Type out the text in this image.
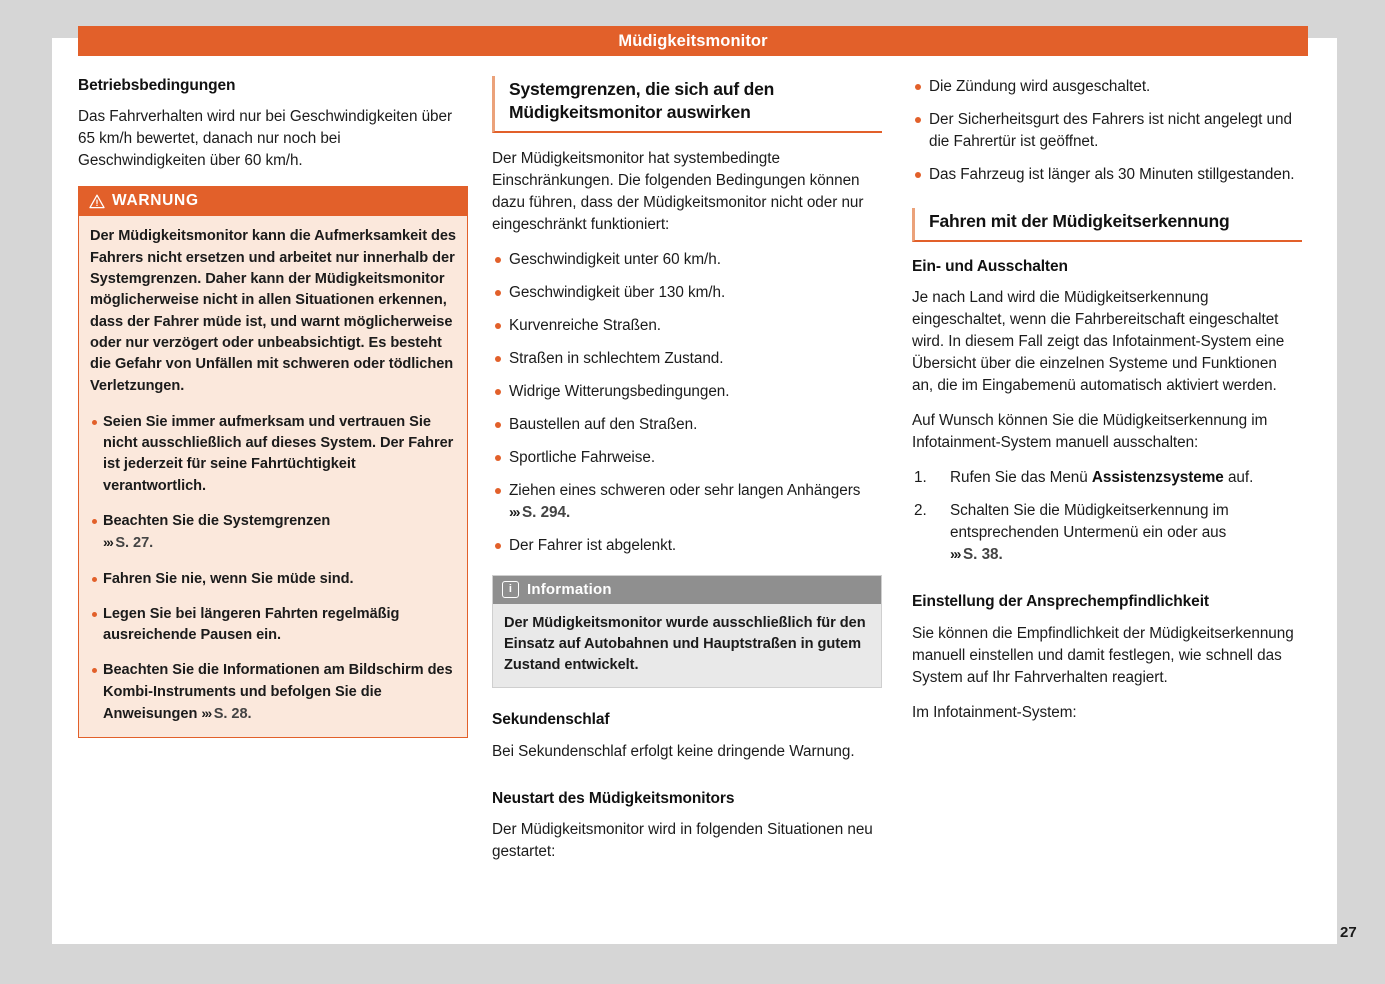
Betriebsbedingungen

Das Fahrverhalten wird nur bei Geschwindigkeiten über 65 km/h bewertet, danach nur noch bei Geschwindigkeiten über 60 km/h.

WARNUNG

Der Müdigkeitsmonitor kann die Aufmerksamkeit des Fahrers nicht ersetzen und arbeitet nur innerhalb der Systemgrenzen. Daher kann der Müdigkeitsmonitor möglicherweise nicht in allen Situationen erkennen, dass der Fahrer müde ist, und warnt möglicherweise oder nur verzögert oder unbeabsichtigt. Es besteht die Gefahr von Unfällen mit schweren oder tödlichen Verletzungen.

Seien Sie immer aufmerksam und vertrauen Sie nicht ausschließlich auf dieses System. Der Fahrer ist jederzeit für seine Fahrtüchtigkeit verantwortlich.
Beachten Sie die Systemgrenzen
››› S. 27.
Fahren Sie nie, wenn Sie müde sind.
Legen Sie bei längeren Fahrten regelmäßig ausreichende Pausen ein.
Beachten Sie die Informationen am Bildschirm des Kombi-Instruments und befolgen Sie die Anweisungen ››› S. 28.
Systemgrenzen, die sich auf den Müdigkeitsmonitor auswirken

Der Müdigkeitsmonitor hat systembedingte Einschränkungen. Die folgenden Bedingungen können dazu führen, dass der Müdigkeitsmonitor nicht oder nur eingeschränkt funktioniert:

Geschwindigkeit unter 60 km/h.
Geschwindigkeit über 130 km/h.
Kurvenreiche Straßen.
Straßen in schlechtem Zustand.
Widrige Witterungsbedingungen.
Baustellen auf den Straßen.
Sportliche Fahrweise.
Ziehen eines schweren oder sehr langen Anhängers ››› S. 294.
Der Fahrer ist abgelenkt.
i Information

Der Müdigkeitsmonitor wurde ausschließlich für den Einsatz auf Autobahnen und Hauptstraßen in gutem Zustand entwickelt.

Sekundenschlaf

Bei Sekundenschlaf erfolgt keine dringende Warnung.

Neustart des Müdigkeitsmonitors

Der Müdigkeitsmonitor wird in folgenden Situationen neu gestartet:

Die Zündung wird ausgeschaltet.
Der Sicherheitsgurt des Fahrers ist nicht angelegt und die Fahrertür ist geöffnet.
Das Fahrzeug ist länger als 30 Minuten stillgestanden.
Fahren mit der Müdigkeitserkennung
Ein- und Ausschalten

Je nach Land wird die Müdigkeitserkennung eingeschaltet, wenn die Fahrbereitschaft eingeschaltet wird. In diesem Fall zeigt das Infotainment-System eine Übersicht über die einzelnen Systeme und Funktionen an, die im Eingabemenü automatisch aktiviert werden.

Auf Wunsch können Sie die Müdigkeitserkennung im Infotainment-System manuell ausschalten:

Rufen Sie das Menü Assistenzsysteme auf.
Schalten Sie die Müdigkeitserkennung im entsprechenden Untermenü ein oder aus
››› S. 38.
Einstellung der Ansprechempfindlichkeit

Sie können die Empfindlichkeit der Müdigkeitserkennung manuell einstellen und damit festlegen, wie schnell das System auf Ihr Fahrverhalten reagiert.

Im Infotainment-System:

Müdigkeitsmonitor
27
